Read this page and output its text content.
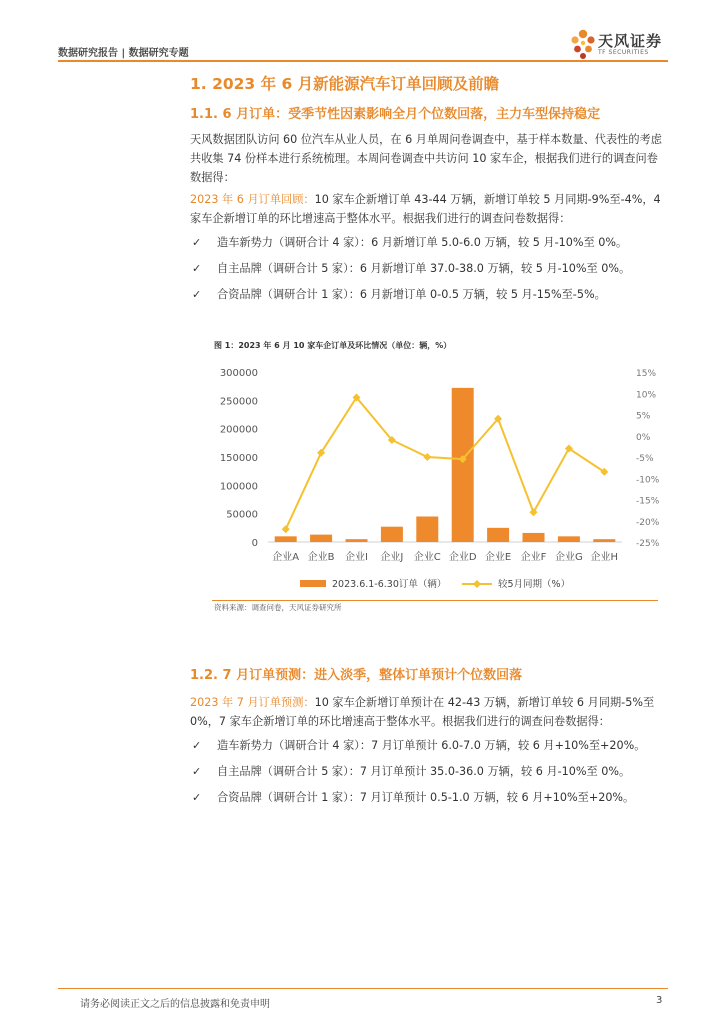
数据研究报告 | 数据研究专题
天风证券
TF SECURITIES
1. 2023 年 6 月新能源汽车订单回顾及前瞻
1.1. 6 月订单：受季节性因素影响全月个位数回落，主力车型保持稳定
天风数据团队访问 60 位汽车从业人员，在 6 月单周问卷调查中，基于样本数量、代表性的考虑共收集 74 份样本进行系统梳理。本周问卷调查中共访问 10 家车企，根据我们进行的调查问卷数据得：
2023 年 6 月订单回顾：10 家车企新增订单 43-44 万辆，新增订单较 5 月同期-9%至-4%，4 家车企新增订单的环比增速高于整体水平。根据我们进行的调查问卷数据得：
✓ 造车新势力（调研合计 4 家）：6 月新增订单 5.0-6.0 万辆，较 5 月-10%至 0%。
✓ 自主品牌（调研合计 5 家）：6 月新增订单 37.0-38.0 万辆，较 5 月-10%至 0%。
✓ 合资品牌（调研合计 1 家）：6 月新增订单 0-0.5 万辆，较 5 月-15%至-5%。
图 1：2023 年 6 月 10 家车企订单及环比情况（单位：辆，%）
0
50000
100000
150000
200000
250000
300000
-25%
-20%
-15%
-10%
-5%
0%
5%
10%
15%
企业A 企业B 企业I 企业J 企业C 企业D 企业E 企业F 企业G 企业H
2023.6.1-6.30订单（辆）	较5月同期（%）
资料来源：调查问卷，天风证券研究所
1.2. 7 月订单预测：进入淡季，整体订单预计个位数回落
2023 年 7 月订单预测：10 家车企新增订单预计在 42-43 万辆，新增订单较 6 月同期-5%至 0%，7 家车企新增订单的环比增速高于整体水平。根据我们进行的调查问卷数据得：
✓ 造车新势力（调研合计 4 家）：7 月订单预计 6.0-7.0 万辆，较 6 月+10%至+20%。
✓ 自主品牌（调研合计 5 家）：7 月订单预计 35.0-36.0 万辆，较 6 月-10%至 0%。
✓ 合资品牌（调研合计 1 家）：7 月订单预计 0.5-1.0 万辆，较 6 月+10%至+20%。
请务必阅读正文之后的信息披露和免责申明	3
